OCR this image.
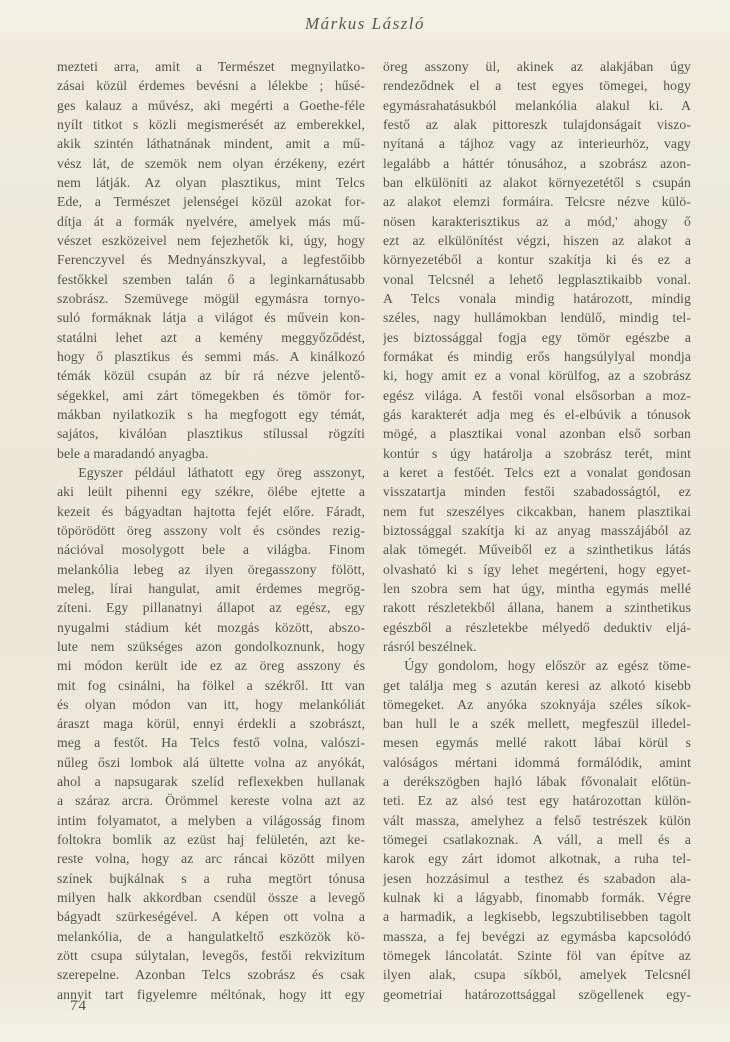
Márkus László
mezteti arra, amit a Természet megnyilatko-
zásai közül érdemes bevésni a lélekbe ; hűsé-
ges kalauz a művész, aki megérti a Goethe-féle
nyílt titkot s közli megismerését az emberekkel,
akik szintén láthatnának mindent, amit a mű-
vész lát, de szemök nem olyan érzékeny, ezért
nem látják. Az olyan plasztikus, mint Telcs
Ede, a Természet jelenségei közül azokat for-
dítja át a formák nyelvére, amelyek más mű-
vészet eszközeivel nem fejezhetők ki, úgy, hogy
Ferenczyvel és Mednyánszkyval, a legfestőibb
festőkkel szemben talán ő a leginkarnátusabb
szobrász. Szemüvege mögül egymásra tornyo-
suló formáknak látja a világot és művein kon-
statálni lehet azt a kemény meggyőződést,
hogy ő plasztikus és semmi más. A kinálkozó
témák közül csupán az bír rá nézve jelentő-
ségekkel, ami zárt tömegekben és tömör for-
mákban nyilatkozik s ha megfogott egy témát,
sajátos, kiválóan plasztikus stílussal rögzíti
bele a maradandó anyagba.
Egyszer például láthatott egy öreg asszonyt,
aki leült pihenni egy székre, ölébe ejtette a
kezeit és bágyadtan hajtotta fejét előre. Fáradt,
töpörödött öreg asszony volt és csöndes rezig-
nációval mosolygott bele a világba. Finom
melankólia lebeg az ilyen öregasszony fölött,
meleg, lírai hangulat, amit érdemes megrög-
zíteni. Egy pillanatnyi állapot az egész, egy
nyugalmi stádium két mozgás között, abszo-
lute nem szükséges azon gondolkoznunk, hogy
mi módon került ide ez az öreg asszony és
mit fog csinálni, ha fölkel a székről. Itt van
és olyan módon van itt, hogy melankóliát
áraszt maga körül, ennyi érdekli a szobrászt,
meg a festőt. Ha Telcs festő volna, valószi-
nűleg őszi lombok alá ültette volna az anyókát,
ahol a napsugarak szelíd reflexekben hullanak
a száraz arcra. Örömmel kereste volna azt az
intim folyamatot, a melyben a világosság finom
foltokra bomlik az ezüst haj felületén, azt ke-
reste volna, hogy az arc ráncai között milyen
színek bujkálnak s a ruha megtört tónusa
milyen halk akkordban csendül össze a levegő
bágyadt szürkeségével. A képen ott volna a
melankólia, de a hangulatkeltő eszközök kö-
zött csupa súlytalan, levegős, festői rekvizitum
szerepelne. Azonban Telcs szobrász és csak
annyit tart figyelemre méltónak, hogy itt egy
öreg asszony ül, akinek az alakjában úgy
rendeződnek el a test egyes tömegei, hogy
egymásrahatásukból melankólia alakul ki. A
festő az alak pittoreszk tulajdonságait viszo-
nyítaná a tájhoz vagy az interieurhöz, vagy
legalább a háttér tónusához, a szobrász azon-
ban elkülöníti az alakot környezetétől s csupán
az alakot elemzi formáira. Telcsre nézve külö-
nösen karakterisztikus az a mód,' ahogy ő
ezt az elkülönítést végzi, hiszen az alakot a
környezetéből a kontur szakítja ki és ez a
vonal Telcsnél a lehető legplasztikaibb vonal.
A Telcs vonala mindig határozott, mindig
széles, nagy hullámokban lendülő, mindig tel-
jes biztossággal fogja egy tömör egészbe a
formákat és mindig erős hangsúlylyal mondja
ki, hogy amit ez a vonal körülfog, az a szobrász
egész világa. A festői vonal elsősorban a moz-
gás karakterét adja meg és el-elbúvik a tónusok
mögé, a plasztikai vonal azonban első sorban
kontúr s úgy határolja a szobrász terét, mint
a keret a festőét. Telcs ezt a vonalat gondosan
visszatartja minden festői szabadosságtól, ez
nem fut szeszélyes cikcakban, hanem plasztikai
biztossággal szakítja ki az anyag masszájából az
alak tömegét. Műveiből ez a szinthetikus látás
olvasható ki s így lehet megérteni, hogy egyet-
len szobra sem hat úgy, mintha egymás mellé
rakott részletekből állana, hanem a szinthetikus
egészből a részletekbe mélyedő deduktiv eljá-
rásról beszélnek.
Úgy gondolom, hogy először az egész töme-
get találja meg s azután keresi az alkotó kisebb
tömegeket. Az anyóka szoknyája széles síkok-
ban hull le a szék mellett, megfeszül illedel-
mesen egymás mellé rakott lábai körül s
valóságos mértani idommá formálódik, amint
a derékszögben hajló lábak fővonalait előtün-
teti. Ez az alsó test egy határozottan külön-
vált massza, amelyhez a felső testrészek külön
tömegei csatlakoznak. A váll, a mell és a
karok egy zárt idomot alkotnak, a ruha tel-
jesen hozzásimul a testhez és szabadon ala-
kulnak ki a lágyabb, finomabb formák. Végre
a harmadik, a legkisebb, legszubtilisebben tagolt
massza, a fej bevégzi az egymásba kapcsolódó
tömegek láncolatát. Szinte föl van építve az
ilyen alak, csupa síkból, amelyek Telcsnél
geometriai határozottsággal szögellenek egy-
74
